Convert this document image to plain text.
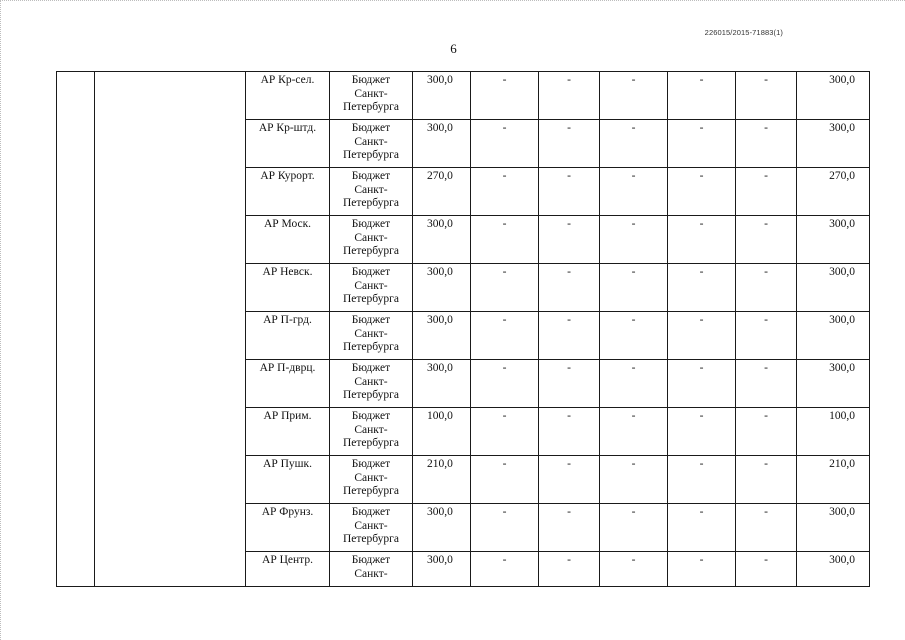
226015/2015-71883(1)
6
		АР Кр-сел.	Бюджет
Санкт-
Петербурга	300,0	-	-	-	-	-	300,0
		АР Кр-штд.	Бюджет
Санкт-
Петербурга	300,0	-	-	-	-	-	300,0
		АР Курорт.	Бюджет
Санкт-
Петербурга	270,0	-	-	-	-	-	270,0
		АР Моск.	Бюджет
Санкт-
Петербурга	300,0	-	-	-	-	-	300,0
		АР Невск.	Бюджет
Санкт-
Петербурга	300,0	-	-	-	-	-	300,0
		АР П-грд.	Бюджет
Санкт-
Петербурга	300,0	-	-	-	-	-	300,0
		АР П-дврц.	Бюджет
Санкт-
Петербурга	300,0	-	-	-	-	-	300,0
		АР Прим.	Бюджет
Санкт-
Петербурга	100,0	-	-	-	-	-	100,0
		АР Пушк.	Бюджет
Санкт-
Петербурга	210,0	-	-	-	-	-	210,0
		АР Фрунз.	Бюджет
Санкт-
Петербурга	300,0	-	-	-	-	-	300,0
		АР Центр.	Бюджет
Санкт-	300,0	-	-	-	-	-	300,0
